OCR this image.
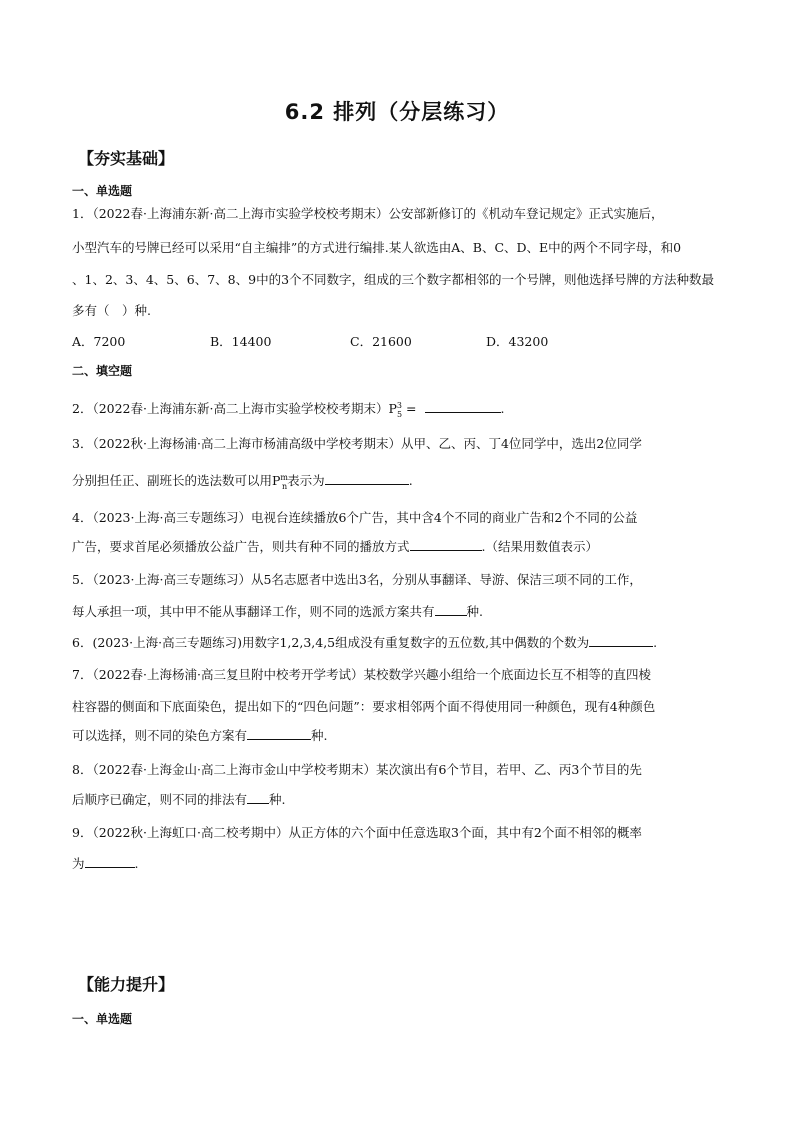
6.2 排列（分层练习）
【夯实基础】
一、单选题
1．（2022春·上海浦东新·高二上海市实验学校校考期末）公安部新修订的《机动车登记规定》正式实施后，
小型汽车的号牌已经可以采用“自主编排”的方式进行编排.某人欲选由A、B、C、D、E中的两个不同字母，和0
、1、2、3、4、5、6、7、8、9中的3个不同数字，组成的三个数字都相邻的一个号牌，则他选择号牌的方法种数最
多有（　）种.
A．7200	B．14400	C．21600	D．43200
二、填空题
2．（2022春·上海浦东新·高二上海市实验学校校考期末）$P^3_5$ =	.
3．（2022秋·上海杨浦·高二上海市杨浦高级中学校考期末）从甲、乙、丙、丁4位同学中，选出2位同学
分别担任正、副班长的选法数可以用$P^m_n$表示为	.
4．（2023·上海·高三专题练习）电视台连续播放6个广告，其中含4个不同的商业广告和2个不同的公益
广告，要求首尾必须播放公益广告，则共有种不同的播放方式	.（结果用数值表示）
5．（2023·上海·高三专题练习）从5名志愿者中选出3名，分别从事翻译、导游、保洁三项不同的工作，
每人承担一项，其中甲不能从事翻译工作，则不同的选派方案共有	种.
6．(2023·上海·高三专题练习)用数字1,2,3,4,5组成没有重复数字的五位数,其中偶数的个数为	.
7．（2022春·上海杨浦·高三复旦附中校考开学考试）某校数学兴趣小组给一个底面边长互不相等的直四棱
柱容器的侧面和下底面染色，提出如下的“四色问题”：要求相邻两个面不得使用同一种颜色，现有4种颜色
可以选择，则不同的染色方案有	种.
8．（2022春·上海金山·高二上海市金山中学校考期末）某次演出有6个节目，若甲、乙、丙3个节目的先
后顺序已确定，则不同的排法有 种.
9．（2022秋·上海虹口·高二校考期中）从正方体的六个面中任意选取3个面，其中有2个面不相邻的概率
为	.
【能力提升】
一、单选题
